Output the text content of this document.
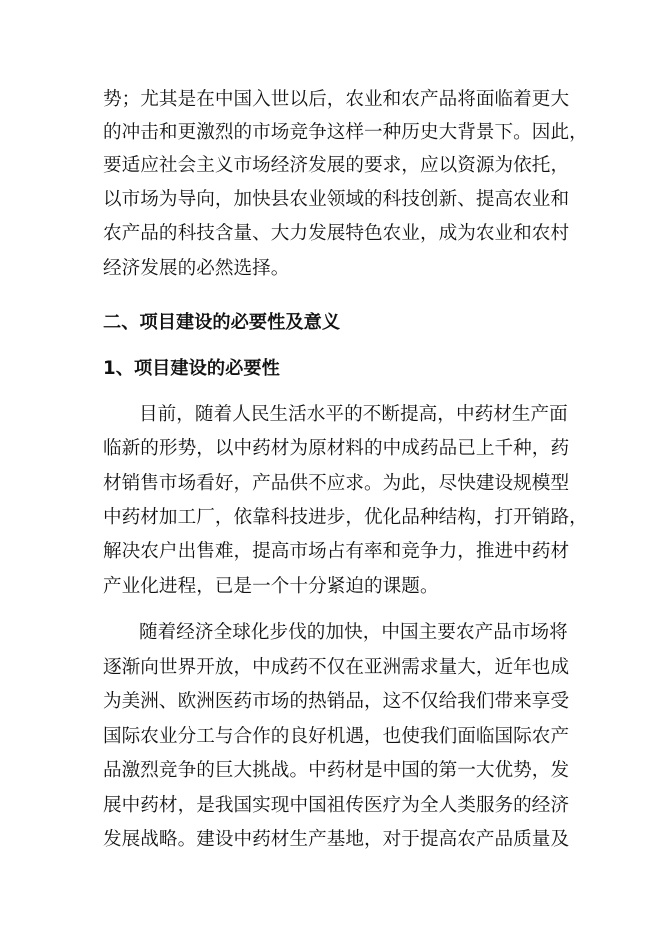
势；尤其是在中国入世以后，农业和农产品将面临着更大
的冲击和更激烈的市场竞争这样一种历史大背景下。因此，
要适应社会主义市场经济发展的要求，应以资源为依托，
以市场为导向，加快县农业领域的科技创新、提高农业和
农产品的科技含量、大力发展特色农业，成为农业和农村
经济发展的必然选择。
二、项目建设的必要性及意义
1、项目建设的必要性
目前，随着人民生活水平的不断提高，中药材生产面
临新的形势，以中药材为原材料的中成药品已上千种，药
材销售市场看好，产品供不应求。为此，尽快建设规模型
中药材加工厂，依靠科技进步，优化品种结构，打开销路，
解决农户出售难，提高市场占有率和竞争力，推进中药材
产业化进程，已是一个十分紧迫的课题。
随着经济全球化步伐的加快，中国主要农产品市场将
逐渐向世界开放，中成药不仅在亚洲需求量大，近年也成
为美洲、欧洲医药市场的热销品，这不仅给我们带来享受
国际农业分工与合作的良好机遇，也使我们面临国际农产
品激烈竞争的巨大挑战。中药材是中国的第一大优势，发
展中药材，是我国实现中国祖传医疗为全人类服务的经济
发展战略。建设中药材生产基地，对于提高农产品质量及
